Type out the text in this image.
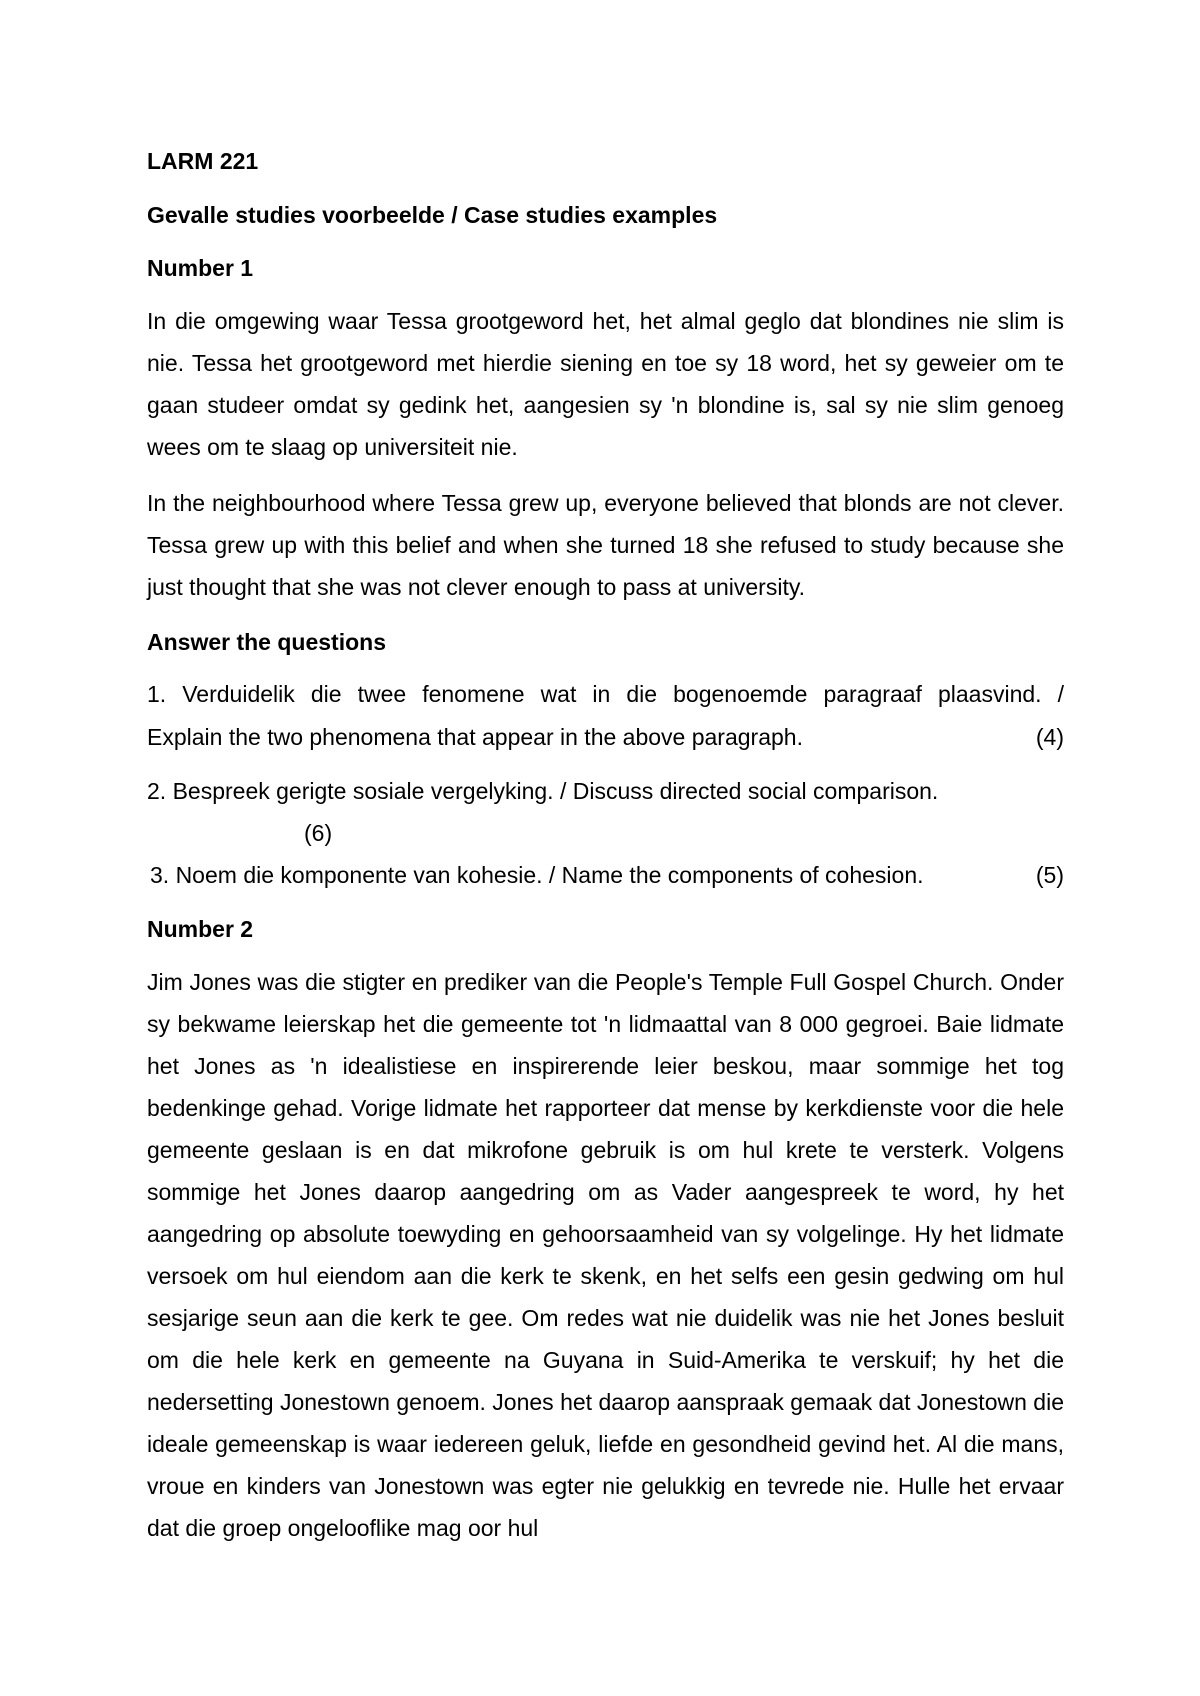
LARM 221
Gevalle studies voorbeelde / Case studies examples
Number 1
In die omgewing waar Tessa grootgeword het, het almal geglo dat blondines nie slim is nie. Tessa het grootgeword met hierdie siening en toe sy 18 word, het sy geweier om te gaan studeer omdat sy gedink het, aangesien sy 'n blondine is, sal sy nie slim genoeg wees om te slaag op universiteit nie.
In the neighbourhood where Tessa grew up, everyone believed that blonds are not clever. Tessa grew up with this belief and when she turned 18 she refused to study because she just thought that she was not clever enough to pass at university.
Answer the questions
1. Verduidelik die twee fenomene wat in die bogenoemde paragraaf plaasvind. /
Explain the two phenomena that appear in the above paragraph.	(4)
2. Bespreek gerigte sosiale vergelyking. / Discuss directed social comparison.
(6)
3. Noem die komponente van kohesie. / Name the components of cohesion.	(5)
Number 2
Jim Jones was die stigter en prediker van die People's Temple Full Gospel Church. Onder sy bekwame leierskap het die gemeente tot 'n lidmaattal van 8 000 gegroei. Baie lidmate het Jones as 'n idealistiese en inspirerende leier beskou, maar sommige het tog bedenkinge gehad. Vorige lidmate het rapporteer dat mense by kerkdienste voor die hele gemeente geslaan is en dat mikrofone gebruik is om hul krete te versterk. Volgens sommige het Jones daarop aangedring om as Vader aangespreek te word, hy het aangedring op absolute toewyding en gehoorsaamheid van sy volgelinge. Hy het lidmate versoek om hul eiendom aan die kerk te skenk, en het selfs een gesin gedwing om hul sesjarige seun aan die kerk te gee. Om redes wat nie duidelik was nie het Jones besluit om die hele kerk en gemeente na Guyana in Suid-Amerika te verskuif; hy het die nedersetting Jonestown genoem. Jones het daarop aanspraak gemaak dat Jonestown die ideale gemeenskap is waar iedereen geluk, liefde en gesondheid gevind het. Al die mans, vroue en kinders van Jonestown was egter nie gelukkig en tevrede nie. Hulle het ervaar dat die groep ongelooflike mag oor hul
